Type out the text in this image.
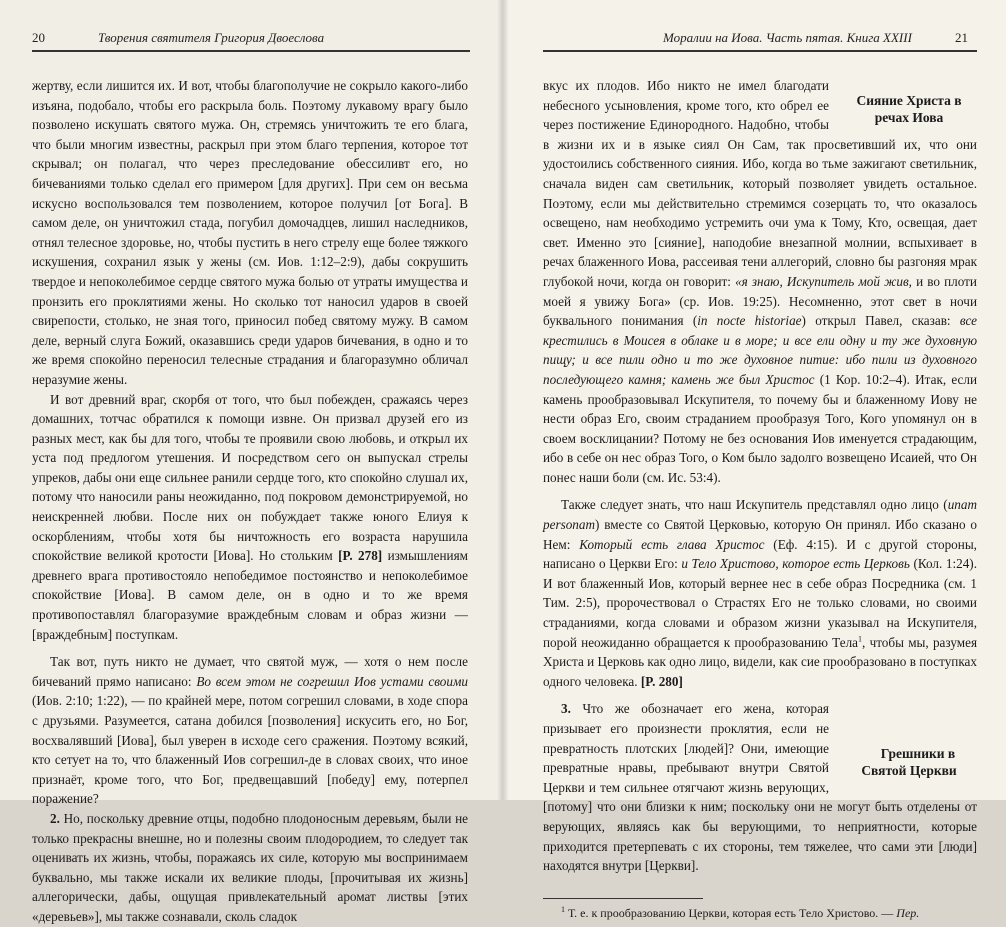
20	Творения святителя Григория Двоеслова

жертву, если лишится их. И вот, чтобы благополучие не сокрыло какого-либо изъяна, подобало, чтобы его раскрыла боль. Поэтому лукавому врагу было позволено искушать святого мужа. Он, стремясь уничтожить те его блага, что были многим известны, раскрыл при этом благо терпения, которое тот скрывал; он полагал, что через преследование обессиливт его, но бичеваниями только сделал его примером [для других]. При сем он весьма искусно воспользовался тем позволением, которое получил [от Бога]. В самом деле, он уничтожил стада, погубил домочадцев, лишил наследников, отнял телесное здоровье, но, чтобы пустить в него стрелу еще более тяжкого искушения, сохранил язык у жены (см. Иов. 1:12–2:9), дабы сокрушить твердое и непоколебимое сердце святого мужа болью от утраты имущества и пронзить его проклятиями жены. Но сколько тот наносил ударов в своей свирепости, столько, не зная того, приносил побед святому мужу. В самом деле, верный слуга Божий, оказавшись среди ударов бичевания, в одно и то же время спокойно переносил телесные страдания и благоразумно обличал неразумие жены.

И вот древний враг, скорбя от того, что был побежден, сражаясь через домашних, тотчас обратился к помощи извне. Он призвал друзей его из разных мест, как бы для того, чтобы те проявили свою любовь, и открыл их уста под предлогом утешения. И посредством сего он выпускал стрелы упреков, дабы они еще сильнее ранили сердце того, кто спокойно слушал их, потому что наносили раны неожиданно, под покровом демонстрируемой, но неискренней любви. После них он побуждает также юного Елиуя к оскорблениям, чтобы хотя бы ничтожность его возраста нарушила спокойствие великой кротости [Иова]. Но стольким [P. 278] измышлениям древнего врага противостояло непобедимое постоянство и непоколебимое спокойствие [Иова]. В самом деле, он в одно и то же время противопоставлял благоразумие враждебным словам и образ жизни — [враждебным] поступкам.

Так вот, путь никто не думает, что святой муж, — хотя о нем после бичеваний прямо написано: Во всем этом не согрешил Иов устами своими (Иов. 2:10; 1:22), — по крайней мере, потом согрешил словами, в ходе спора с друзьями. Разумеется, сатана добился [позволения] искусить его, но Бог, восхвалявший [Иова], был уверен в исходе сего сражения. Поэтому всякий, кто сетует на то, что блаженный Иов согрешил-де в словах своих, что иное признаёт, кроме того, что Бог, предвещавший [победу] ему, потерпел поражение?

2. Но, поскольку древние отцы, подобно плодоносным деревьям, были не только прекрасны внешне, но и полезны своим плодородием, то следует так оценивать их жизнь, чтобы, поражаясь их силе, которую мы воспринимаем буквально, мы также искали их великие плоды, [прочитывая их жизнь] аллегорически, дабы, ощущая привлекательный аромат листвы [этих «деревьев»], мы также сознавали, сколь сладок

Моралии на Иова. Часть пятая. Книга XXIII	21

Сияние Христа в речах Иова
вкус их плодов. Ибо никто не имел благодати небесного усыновления, кроме того, кто обрел ее через постижение Единородного. Надобно, чтобы в жизни их и в языке сиял Он Сам, так просветивший их, что они удостоились собственного сияния. Ибо, когда во тьме зажигают светильник, сначала виден сам светильник, который позволяет увидеть остальное. Поэтому, если мы действительно стремимся созерцать то, что оказалось освещено, нам необходимо устремить очи ума к Тому, Кто, освещая, дает свет. Именно это [сияние], наподобие внезапной молнии, вспыхивает в речах блаженного Иова, рассеивая тени аллегорий, словно бы разгоняя мрак глубокой ночи, когда он говорит: «я знаю, Искупитель мой жив, и во плоти моей я увижу Бога» (ср. Иов. 19:25). Несомненно, этот свет в ночи буквального понимания (in nocte historiae) открыл Павел, сказав: все крестились в Моисея в облаке и в море; и все ели одну и ту же духовную пищу; и все пили одно и то же духовное питие: ибо пили из духовного последующего камня; камень же был Христос (1 Кор. 10:2–4). Итак, если камень прообразовывал Искупителя, то почему бы и блаженному Иову не нести образ Его, своим страданием прообразуя Того, Кого упомянул он в своем восклицании? Потому не без основания Иов именуется страдающим, ибо в себе он нес образ Того, о Ком было задолго возвещено Исаией, что Он понес наши боли (см. Ис. 53:4).

Также следует знать, что наш Искупитель представлял одно лицо (unam personam) вместе со Святой Церковью, которую Он принял. Ибо сказано о Нем: Который есть глава Христос (Еф. 4:15). И с другой стороны, написано о Церкви Его: и Тело Христово, которое есть Церковь (Кол. 1:24). И вот блаженный Иов, который вернее нес в себе образ Посредника (см. 1 Тим. 2:5), пророчествовал о Страстях Его не только словами, но своими страданиями, когда словами и образом жизни указывал на Искупителя, порой неожиданно обращается к прообразованию Тела$^1$, чтобы мы, разумея Христа и Церковь как одно лицо, видели, как сие прообразовано в поступках одного человека. [P. 280]

Грешники в Святой Церкви
3. Что же обозначает его жена, которая призывает его произнести проклятия, если не превратность плотских [людей]? Они, имеющие превратные нравы, пребывают внутри Святой Церкви и тем сильнее отягчают жизнь верующих, [потому] что они близки к ним; поскольку они не могут быть отделены от верующих, являясь как бы верующими, то неприятности, которые приходится претерпевать с их стороны, тем тяжелее, что сами эти [люди] находятся внутри [Церкви].

$^1$ Т. е. к прообразованию Церкви, которая есть Тело Христово. — Пер.
